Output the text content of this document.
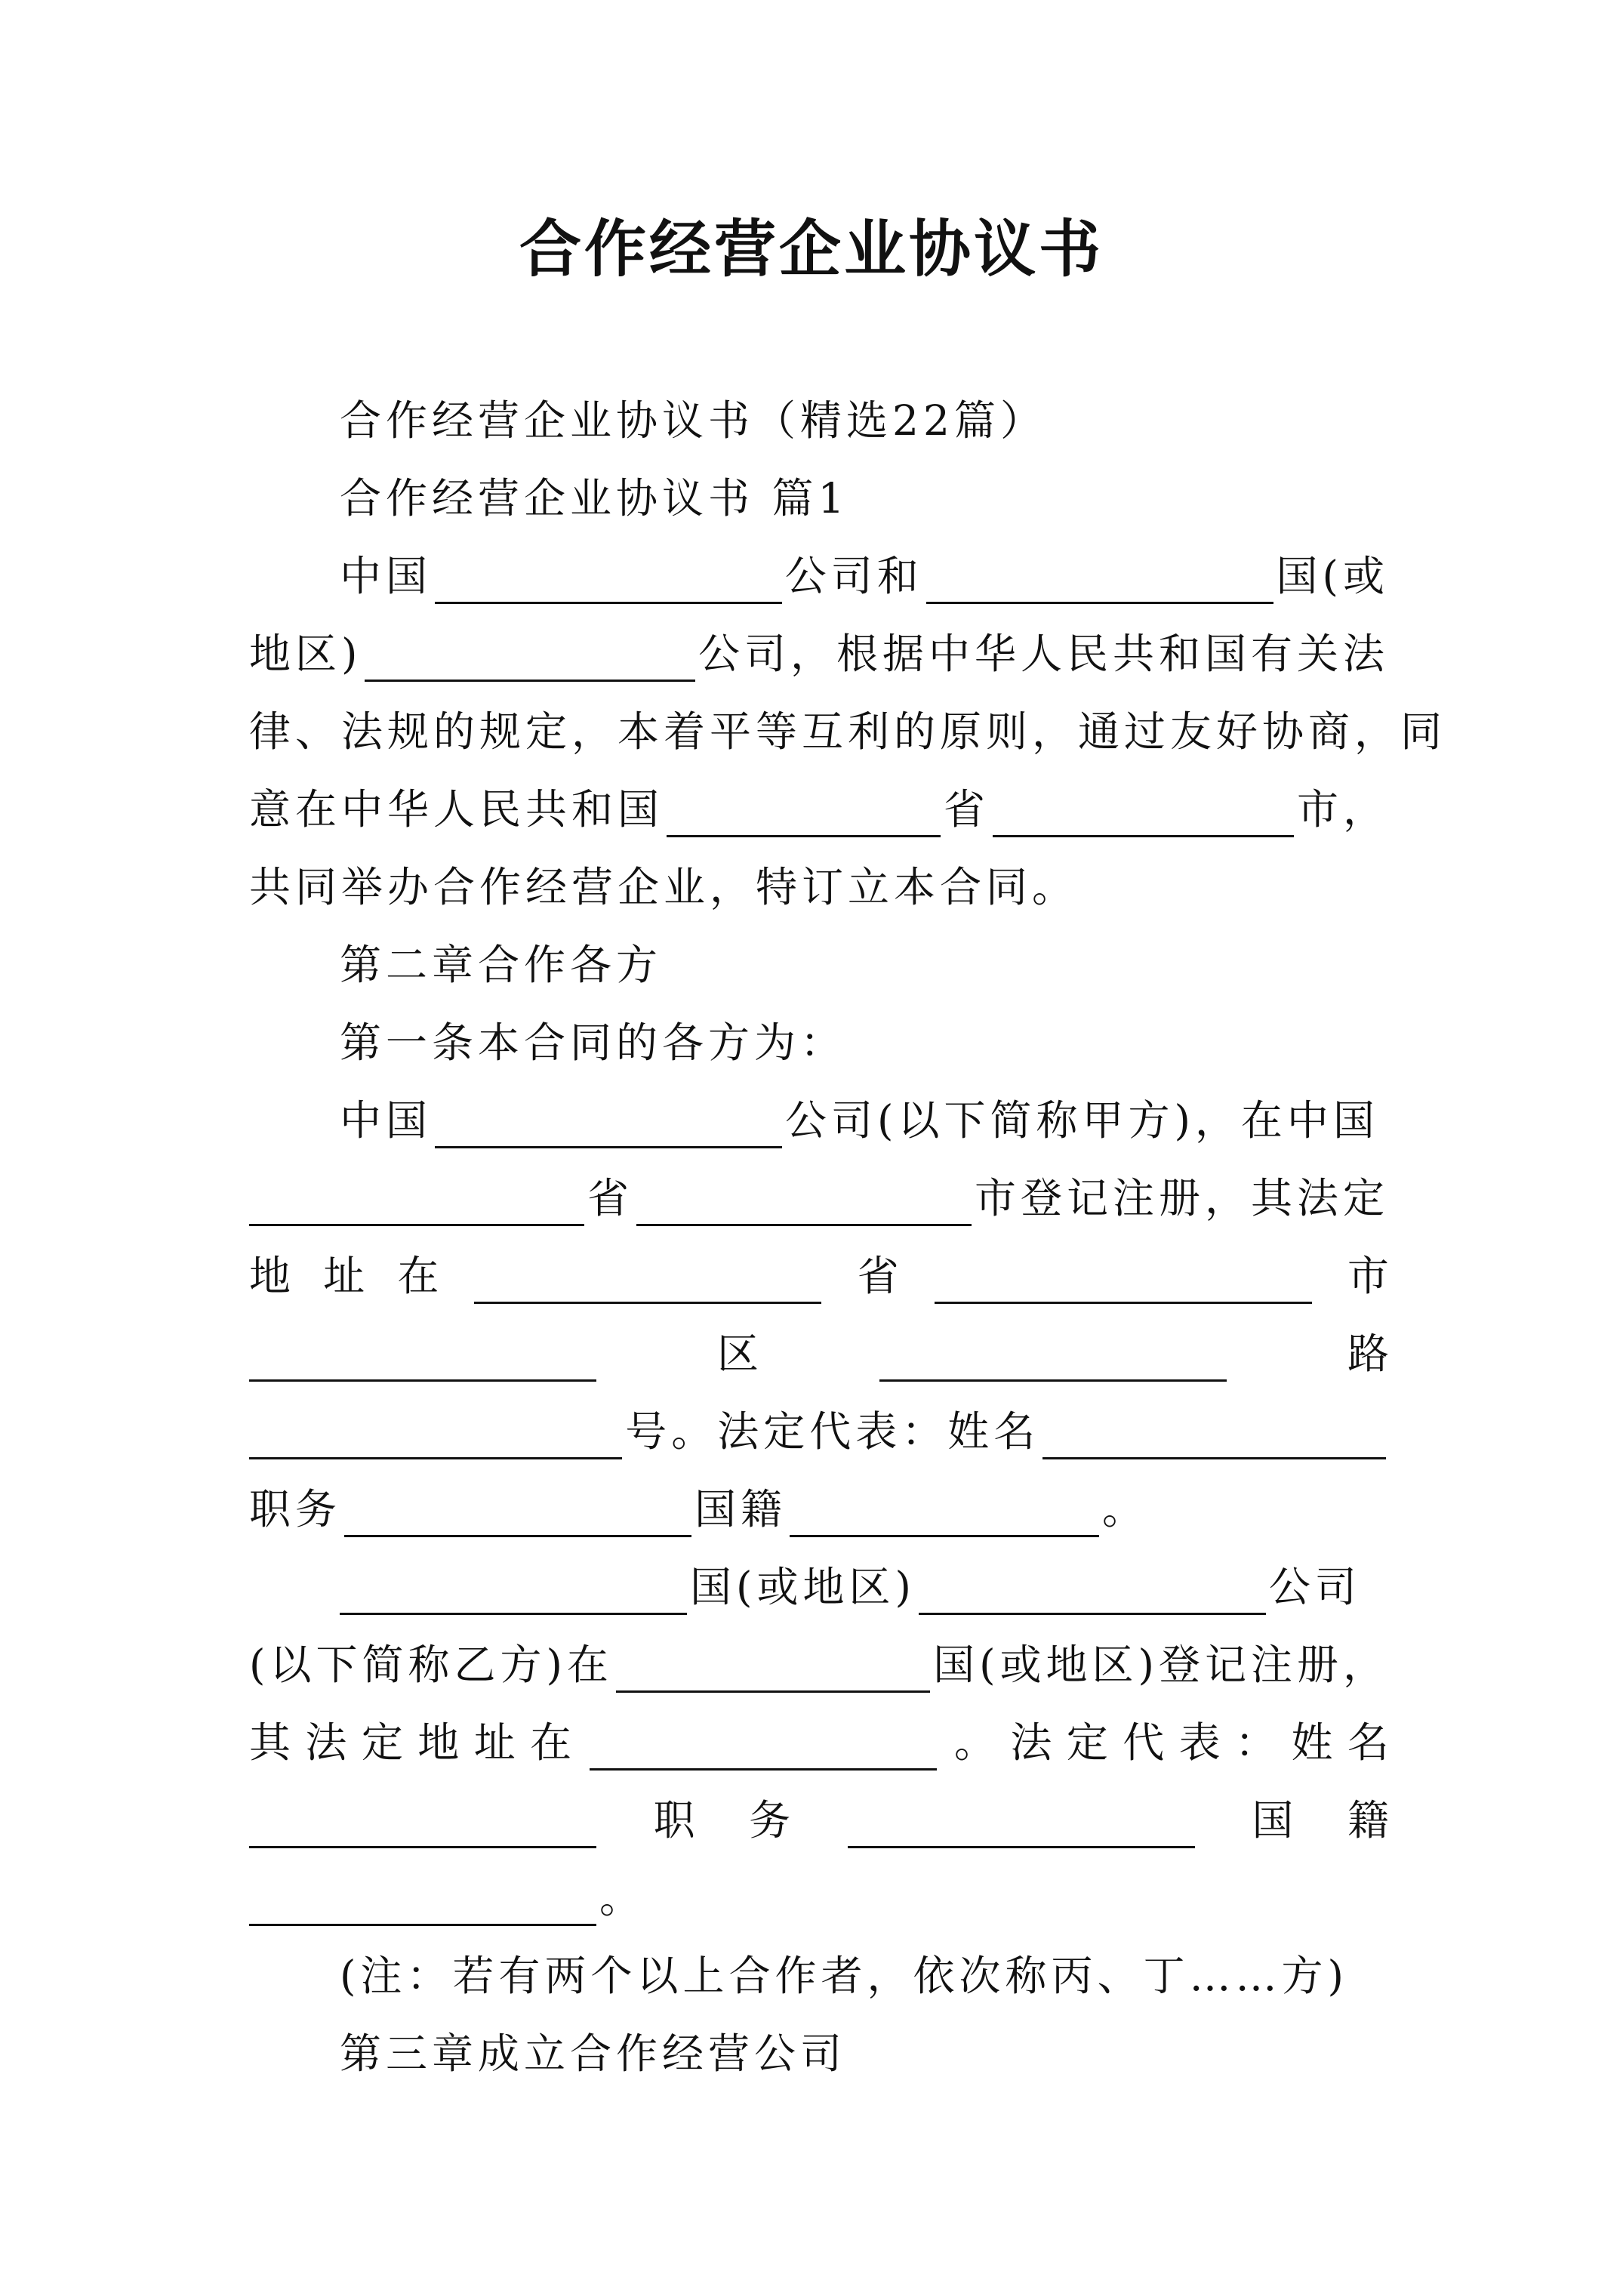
合作经营企业协议书
合作经营企业协议书（精选22篇）
合作经营企业协议书 篇1
中国	公司和	国(或
地区)	公司，根据中华人民共和国有关法
律、法规的规定，本着平等互利的原则，通过友好协商，同
意在中华人民共和国	省	市，
共同举办合作经营企业，特订立本合同。
第二章合作各方
第一条本合同的各方为：
中国	公司(以下简称甲方)，在中国
省	市登记注册，其法定
地 址 在	省	市
区	路
号。法定代表：姓名
职务	国籍	。
国(或地区)	公司
(以下简称乙方)在	国(或地区)登记注册，
其 法 定 地 址 在	。 法 定 代 表 ： 姓 名
职 务	国 籍
。
(注：若有两个以上合作者，依次称丙、丁……方)
第三章成立合作经营公司
